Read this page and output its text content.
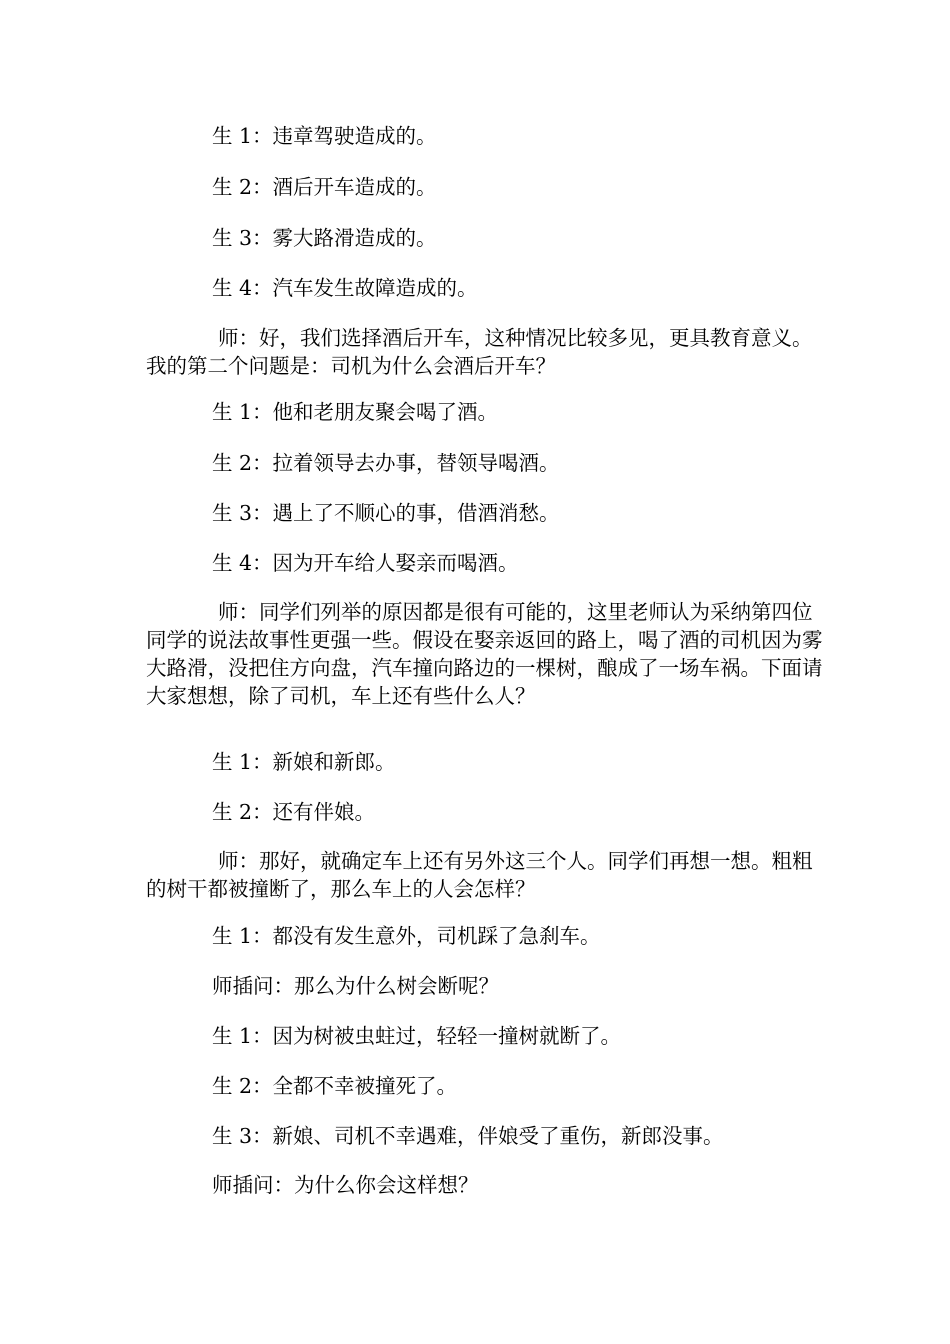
生 1：违章驾驶造成的。

生 2：酒后开车造成的。

生 3：雾大路滑造成的。

生 4：汽车发生故障造成的。

师：好，我们选择酒后开车，这种情况比较多见，更具教育意义。我的第二个问题是：司机为什么会酒后开车？

生 1：他和老朋友聚会喝了酒。

生 2：拉着领导去办事，替领导喝酒。

生 3：遇上了不顺心的事，借酒消愁。

生 4：因为开车给人娶亲而喝酒。

师：同学们列举的原因都是很有可能的，这里老师认为采纳第四位同学的说法故事性更强一些。假设在娶亲返回的路上，喝了酒的司机因为雾大路滑，没把住方向盘，汽车撞向路边的一棵树，酿成了一场车祸。下面请大家想想，除了司机，车上还有些什么人？

生 1：新娘和新郎。

生 2：还有伴娘。

师：那好，就确定车上还有另外这三个人。同学们再想一想。粗粗的树干都被撞断了，那么车上的人会怎样？

生 1：都没有发生意外，司机踩了急刹车。

师插问：那么为什么树会断呢？

生 1：因为树被虫蛀过，轻轻一撞树就断了。

生 2：全都不幸被撞死了。

生 3：新娘、司机不幸遇难，伴娘受了重伤，新郎没事。

师插问：为什么你会这样想？
